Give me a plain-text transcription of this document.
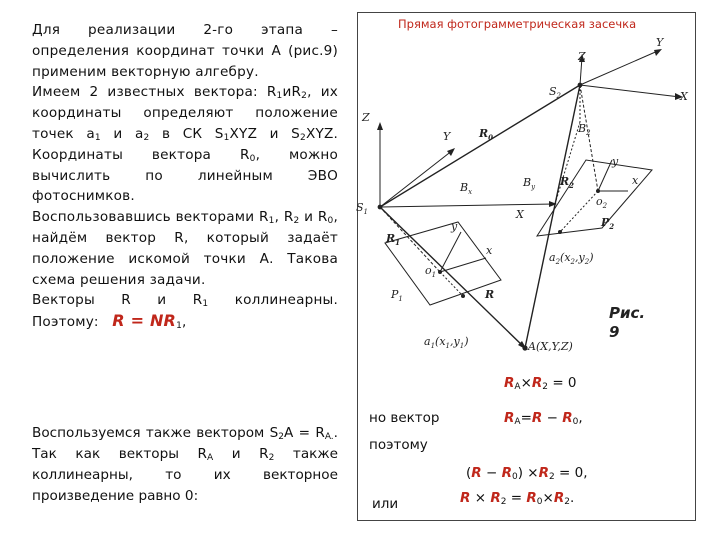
Для реализации 2-го этапа – определения координат точки А (рис.9) применим векторную алгебру.

Имеем 2 известных вектора: $R_1иR_2$, их координаты определяют положение точек $a_1$ и $a_2$ в СК $S_1XYZ$ и $S_2XYZ$. Координаты вектора $R_0$, можно вычислить по линейным ЭВО фотоснимков.

Воспользовавшись векторами $R_1$, $R_2$ и $R_0$, найдём вектор R, который задаёт положение искомой точки А. Такова схема решения задачи.

Векторы R и $R_1$ коллинеарны. Поэтому: $R = NR_1$,

Воспользуемся также вектором $S_2A = R_{A.}$. Так как векторы $R_A$ и $R_2$ также коллинеарны, то их векторное произведение равно 0:
Прямая фотограмметрическая засечка
Z
Y	$R_0$
$S_1$
$B_x$
$B_y$
X
$R_1$
y
x
$o_1$
$P_1$	R
$a_1(x_1,y_1)$	A(X,Y,Z)
Z
Y
X
$S_2$
$B_2$
$R_2$
y
x
$o_2$
$P_2$
$a_2(x_2,y_2)$
Рис.
9
$R_A\times R_2 = 0$
но вектор	$R_A=R - R_0$,
поэтому
$(R - R_0) \times R_2 = 0$,
или	$R \times R_2 = R_0\times R_2$.
